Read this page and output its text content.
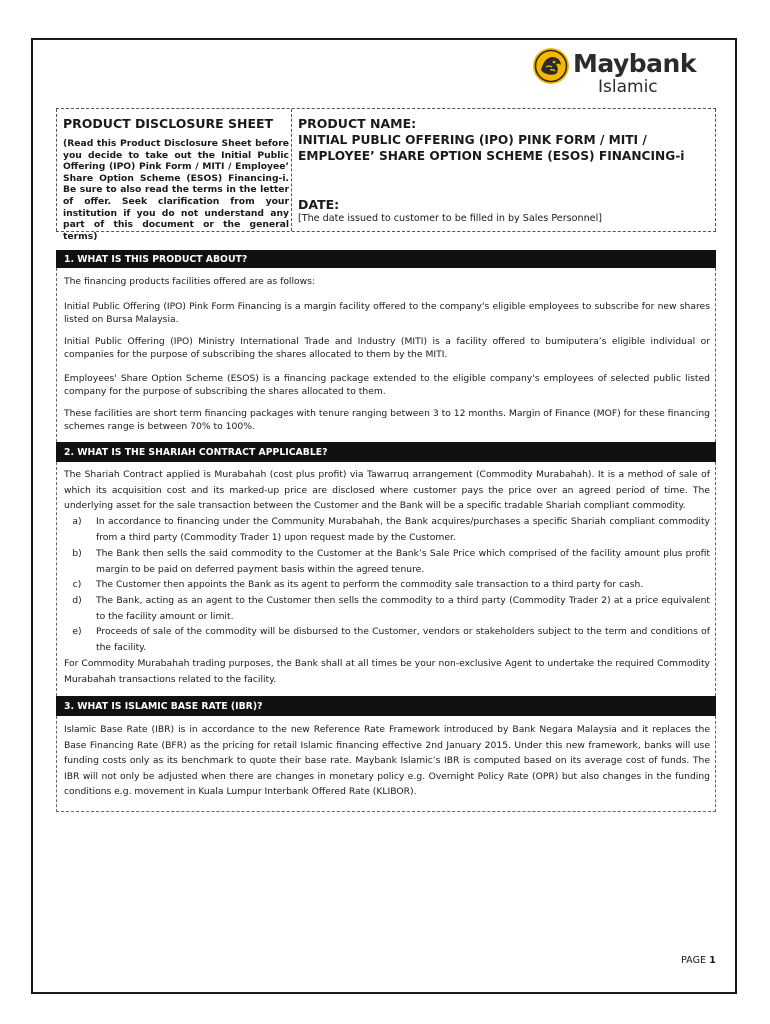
Maybank
Islamic
PRODUCT DISCLOSURE SHEET
(Read this Product Disclosure Sheet before you decide to take out the Initial Public Offering (IPO) Pink Form / MITI / Employee’ Share Option Scheme (ESOS) Financing-i. Be sure to also read the terms in the letter of offer. Seek clarification from your institution if you do not understand any part of this document or the general terms)
PRODUCT NAME:
INITIAL PUBLIC OFFERING (IPO) PINK FORM / MITI / EMPLOYEE’ SHARE OPTION SCHEME (ESOS) FINANCING-i
DATE:
[The date issued to customer to be filled in by Sales Personnel]
1. WHAT IS THIS PRODUCT ABOUT?
The financing products facilities offered are as follows:
Initial Public Offering (IPO) Pink Form Financing is a margin facility offered to the company's eligible employees to subscribe for new shares listed on Bursa Malaysia.
Initial Public Offering (IPO) Ministry International Trade and Industry (MITI) is a facility offered to bumiputera’s eligible individual or companies for the purpose of subscribing the shares allocated to them by the MITI.
Employees' Share Option Scheme (ESOS) is a financing package extended to the eligible company's employees of selected public listed company for the purpose of subscribing the shares allocated to them.
These facilities are short term financing packages with tenure ranging between 3 to 12 months. Margin of Finance (MOF) for these financing schemes range is between 70% to 100%.
2. WHAT IS THE SHARIAH CONTRACT APPLICABLE?
The Shariah Contract applied is Murabahah (cost plus profit) via Tawarruq arrangement (Commodity Murabahah). It is a method of sale of which its acquisition cost and its marked-up price are disclosed where customer pays the price over an agreed period of time. The underlying asset for the sale transaction between the Customer and the Bank will be a specific tradable Shariah compliant commodity.
a)	In accordance to financing under the Community Murabahah, the Bank acquires/purchases a specific Shariah compliant commodity from a third party (Commodity Trader 1) upon request made by the Customer.
b)	The Bank then sells the said commodity to the Customer at the Bank’s Sale Price which comprised of the facility amount plus profit margin to be paid on deferred payment basis within the agreed tenure.
c)	The Customer then appoints the Bank as its agent to perform the commodity sale transaction to a third party for cash.
d)	The Bank, acting as an agent to the Customer then sells the commodity to a third party (Commodity Trader 2) at a price equivalent to the facility amount or limit.
e)	Proceeds of sale of the commodity will be disbursed to the Customer, vendors or stakeholders subject to the term and conditions of the facility.
For Commodity Murabahah trading purposes, the Bank shall at all times be your non-exclusive Agent to undertake the required Commodity Murabahah transactions related to the facility.
3. WHAT IS ISLAMIC BASE RATE (IBR)?
Islamic Base Rate (IBR) is in accordance to the new Reference Rate Framework introduced by Bank Negara Malaysia and it replaces the Base Financing Rate (BFR) as the pricing for retail Islamic financing effective 2nd January 2015. Under this new framework, banks will use funding costs only as its benchmark to quote their base rate. Maybank Islamic’s IBR is computed based on its average cost of funds. The IBR will not only be adjusted when there are changes in monetary policy e.g. Overnight Policy Rate (OPR) but also changes in the funding conditions e.g. movement in Kuala Lumpur Interbank Offered Rate (KLIBOR).
PAGE 1
